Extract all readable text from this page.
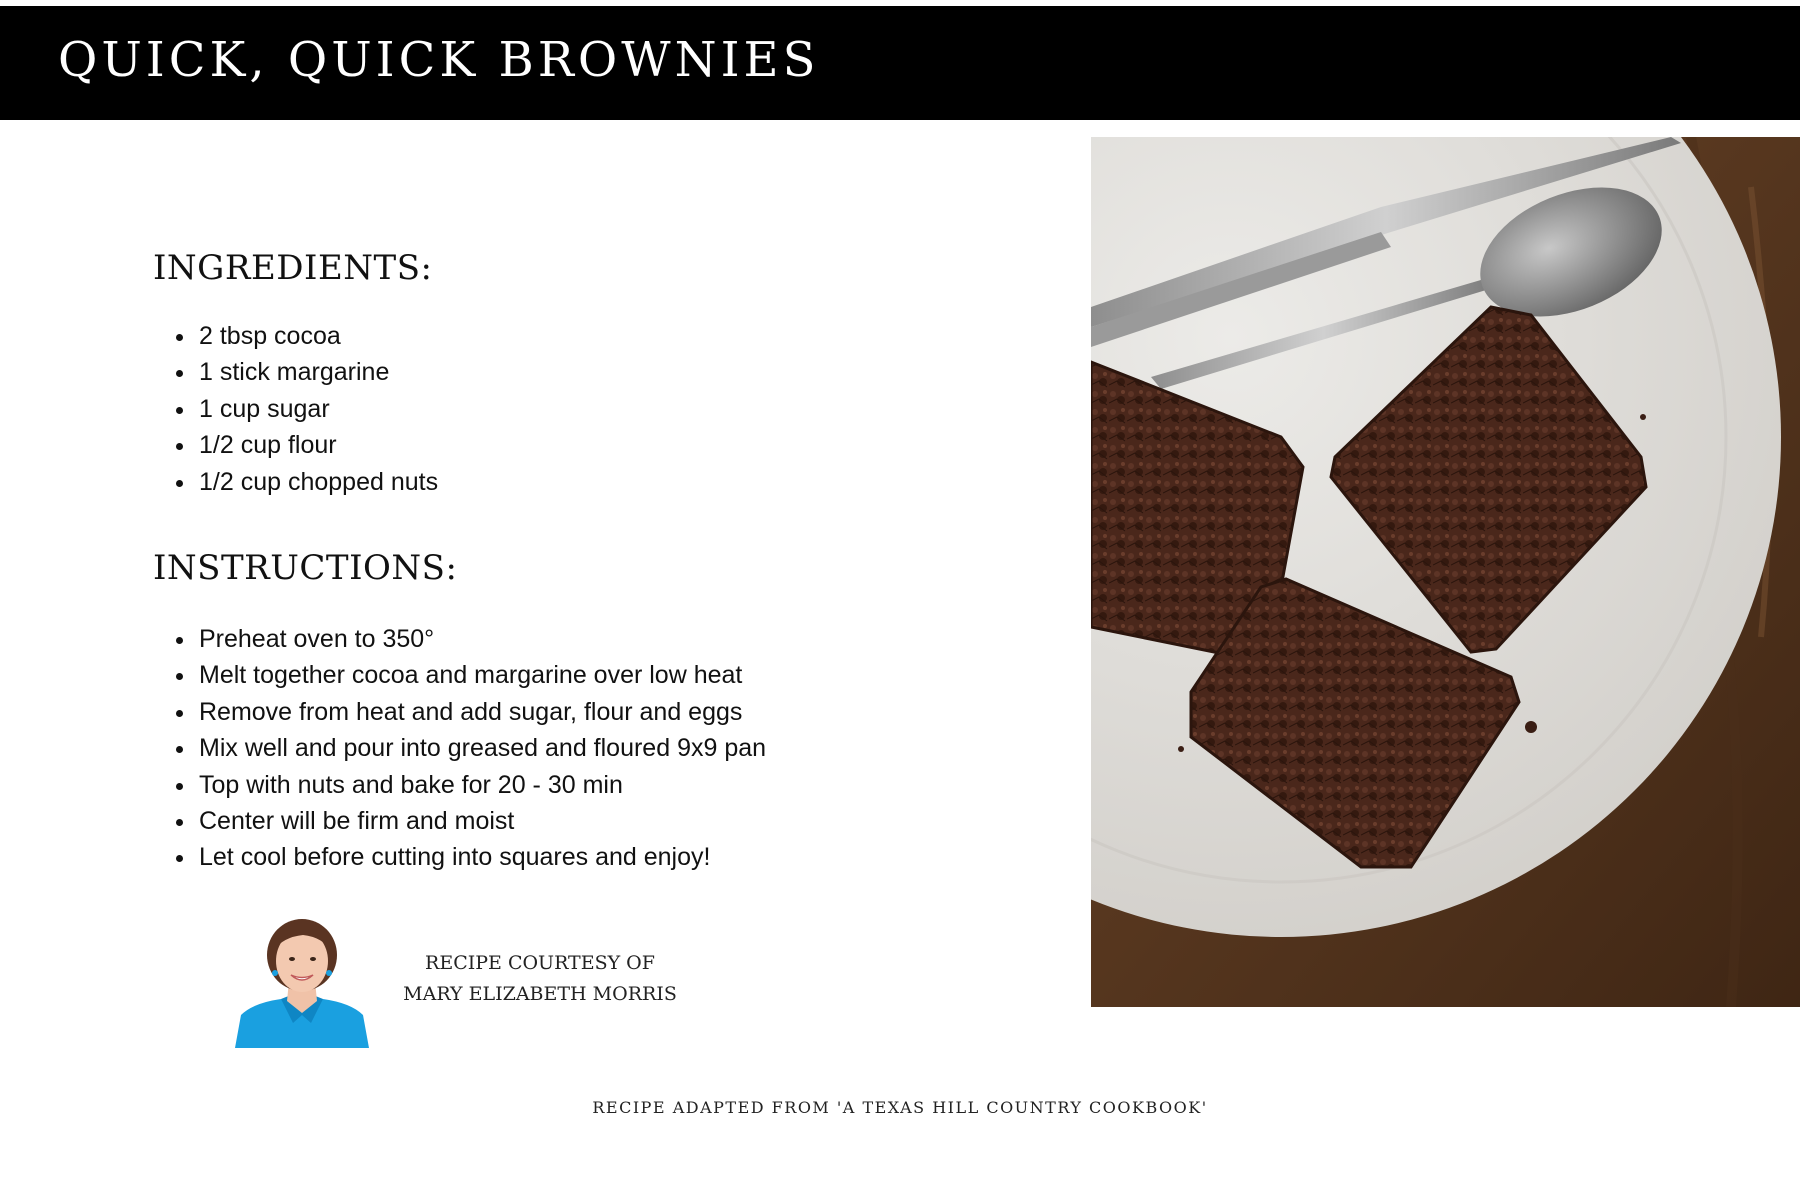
QUICK, QUICK BROWNIES
INGREDIENTS:
• 2 tbsp cocoa
• 1 stick margarine
• 1 cup sugar
• 1/2 cup flour
• 1/2 cup chopped nuts
INSTRUCTIONS:
• Preheat oven to 350°
• Melt together cocoa and margarine over low heat
• Remove from heat and add sugar, flour and eggs
• Mix well and pour into greased and floured 9x9 pan
• Top with nuts and bake for 20 - 30 min
• Center will be firm and moist
• Let cool before cutting into squares and enjoy!
RECIPE COURTESY OF
MARY ELIZABETH MORRIS
RECIPE ADAPTED FROM 'A TEXAS HILL COUNTRY COOKBOOK'
